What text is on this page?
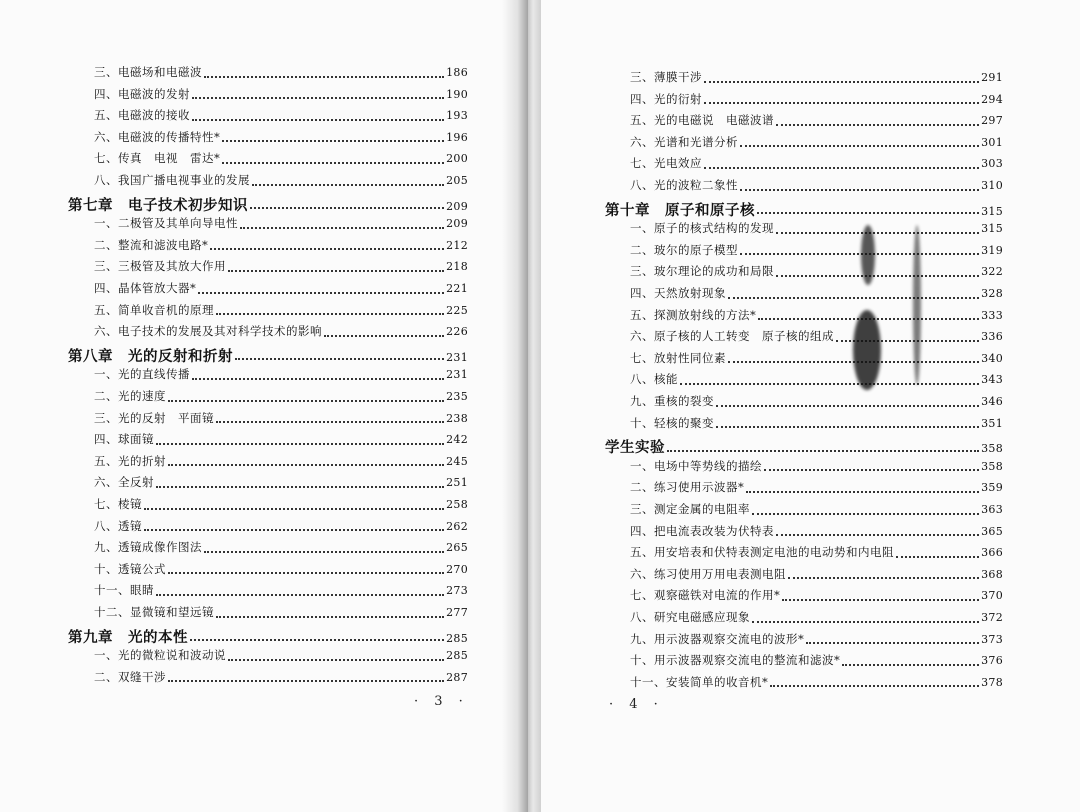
三、电磁场和电磁波	186
四、电磁波的发射	190
五、电磁波的接收	193
六、电磁波的传播特性*	196
七、传真　电视　雷达*	200
八、我国广播电视事业的发展	205
第七章　电子技术初步知识	209
一、二极管及其单向导电性	209
二、整流和滤波电路*	212
三、三极管及其放大作用	218
四、晶体管放大器*	221
五、简单收音机的原理	225
六、电子技术的发展及其对科学技术的影响	226
第八章　光的反射和折射	231
一、光的直线传播	231
二、光的速度	235
三、光的反射　平面镜	238
四、球面镜	242
五、光的折射	245
六、全反射	251
七、棱镜	258
八、透镜	262
九、透镜成像作图法	265
十、透镜公式	270
十一、眼睛	273
十二、显微镜和望远镜	277
第九章　光的本性	285
一、光的微粒说和波动说	285
二、双缝干涉	287
· 3 ·
三、薄膜干涉	291
四、光的衍射	294
五、光的电磁说　电磁波谱	297
六、光谱和光谱分析	301
七、光电效应	303
八、光的波粒二象性	310
第十章　原子和原子核	315
一、原子的核式结构的发现	315
二、玻尔的原子模型	319
三、玻尔理论的成功和局限	322
四、天然放射现象	328
五、探测放射线的方法*	333
六、原子核的人工转变　原子核的组成	336
七、放射性同位素	340
八、核能	343
九、重核的裂变	346
十、轻核的聚变	351
学生实验	358
一、电场中等势线的描绘	358
二、练习使用示波器*	359
三、测定金属的电阻率	363
四、把电流表改装为伏特表	365
五、用安培表和伏特表测定电池的电动势和内电阻	366
六、练习使用万用电表测电阻	368
七、观察磁铁对电流的作用*	370
八、研究电磁感应现象	372
九、用示波器观察交流电的波形*	373
十、用示波器观察交流电的整流和滤波*	376
十一、安装简单的收音机*	378
· 4 ·
